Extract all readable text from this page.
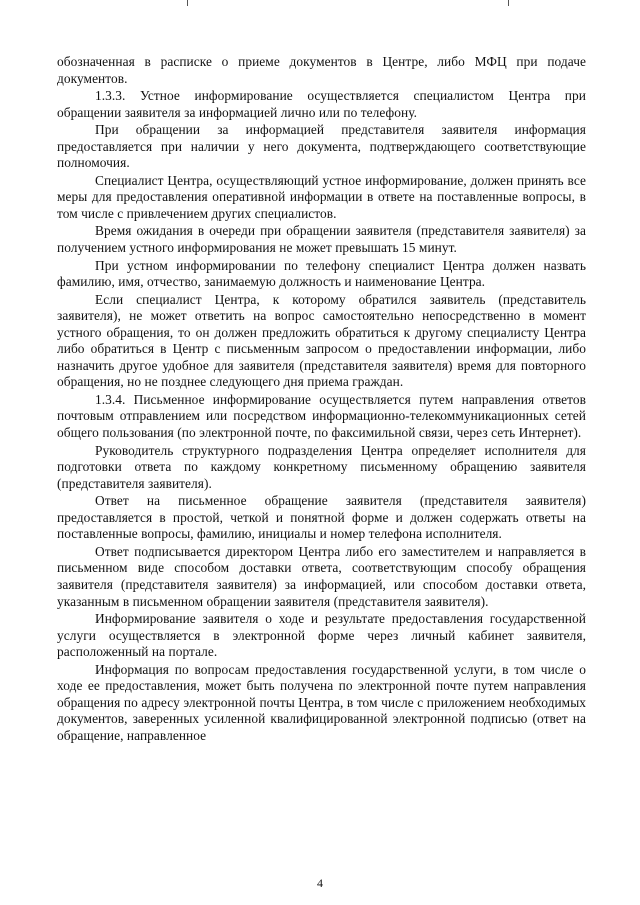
обозначенная в расписке о приеме документов в Центре, либо МФЦ при подаче документов.

1.3.3. Устное информирование осуществляется специалистом Центра при обращении заявителя за информацией лично или по телефону.

При обращении за информацией представителя заявителя информация предоставляется при наличии у него документа, подтверждающего соответствующие полномочия.

Специалист Центра, осуществляющий устное информирование, должен принять все меры для предоставления оперативной информации в ответе на поставленные вопросы, в том числе с привлечением других специалистов.

Время ожидания в очереди при обращении заявителя (представителя заявителя) за получением устного информирования не может превышать 15 минут.

При устном информировании по телефону специалист Центра должен назвать фамилию, имя, отчество, занимаемую должность и наименование Центра.

Если специалист Центра, к которому обратился заявитель (представитель заявителя), не может ответить на вопрос самостоятельно непосредственно в момент устного обращения, то он должен предложить обратиться к другому специалисту Центра либо обратиться в Центр с письменным запросом о предоставлении информации, либо назначить другое удобное для заявителя (представителя заявителя) время для повторного обращения, но не позднее следующего дня приема граждан.

1.3.4. Письменное информирование осуществляется путем направления ответов почтовым отправлением или посредством информационно-телекоммуникационных сетей общего пользования (по электронной почте, по факсимильной связи, через сеть Интернет).

Руководитель структурного подразделения Центра определяет исполнителя для подготовки ответа по каждому конкретному письменному обращению заявителя (представителя заявителя).

Ответ на письменное обращение заявителя (представителя заявителя) предоставляется в простой, четкой и понятной форме и должен содержать ответы на поставленные вопросы, фамилию, инициалы и номер телефона исполнителя.

Ответ подписывается директором Центра либо его заместителем и направляется в письменном виде способом доставки ответа, соответствующим способу обращения заявителя (представителя заявителя) за информацией, или способом доставки ответа, указанным в письменном обращении заявителя (представителя заявителя).

Информирование заявителя о ходе и результате предоставления государственной услуги осуществляется в электронной форме через личный кабинет заявителя, расположенный на портале.

Информация по вопросам предоставления государственной услуги, в том числе о ходе ее предоставления, может быть получена по электронной почте путем направления обращения по адресу электронной почты Центра, в том числе с приложением необходимых документов, заверенных усиленной квалифицированной электронной подписью (ответ на обращение, направленное

4
